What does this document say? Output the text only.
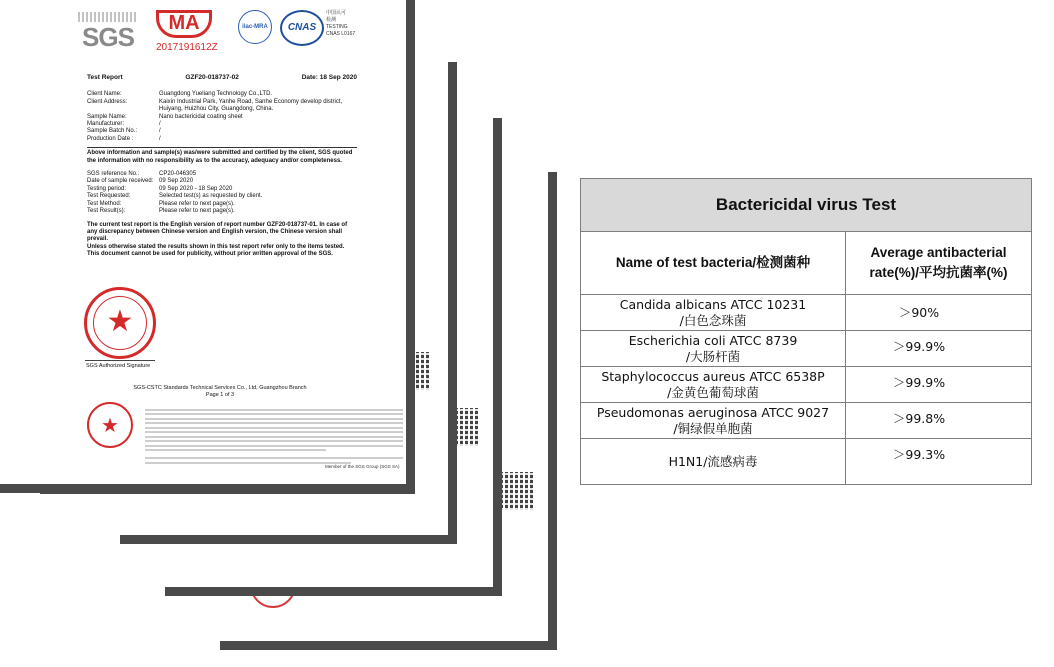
★
★
★
SGS	MA
2017191612Z
ilac-MRA	CNAS
中国认可
检测
TESTING
CNAS L0167
Test Report	GZF20-018737-02	Date: 18 Sep 2020
Client Name:	Guangdong Yueliang Technology Co.,LTD.
Client Address:	Kaixin Industrial Park, Yanhe Road, Sanhe Economy develop district,
Huiyang, Huizhou City, Guangdong, China.
Sample Name:	Nano bactericidal coating sheet
Manufacturer:	/
Sample Batch No.:	/
Production Date :	/
Above information and sample(s) was/were submitted and certified by the client, SGS quoted the information with no responsibility as to the accuracy, adequacy and/or completeness.
SGS reference No.:	CP20-046305
Date of sample received: 09 Sep 2020
Testing period:	09 Sep 2020 - 18 Sep 2020
Test Requested:	Selected test(s) as requested by client.
Test Method:	Please refer to next page(s).
Test Result(s):	Please refer to next page(s).
The current test report is the English version of report number GZF20-018737-01. In case of any discrepancy between Chinese version and English version, the Chinese version shall prevail.
Unless otherwise stated the results shown in this test report refer only to the items tested. This document cannot be used for publicity, without prior written approval of the SGS.
★
SGS Authorized Signature
SGS-CSTC Standards Technical Services Co., Ltd, Guangzhou Branch
Page 1 of 3
★
Member of the SGS Group (SGS SA)
Bactericidal virus Test	
Name of test bacteria/检测菌种	Average antibacterial
rate(%)/平均抗菌率(%)

Candida albicans ATCC 10231
/白色念珠菌	＞90%

Escherichia coli ATCC 8739
/大肠杆菌	＞99.9%

Staphylococcus aureus ATCC 6538P
/金黄色葡萄球菌	＞99.9%

Pseudomonas aeruginosa ATCC 9027
/铜绿假单胞菌	＞99.8%

H1N1/流感病毒	＞99.3%
